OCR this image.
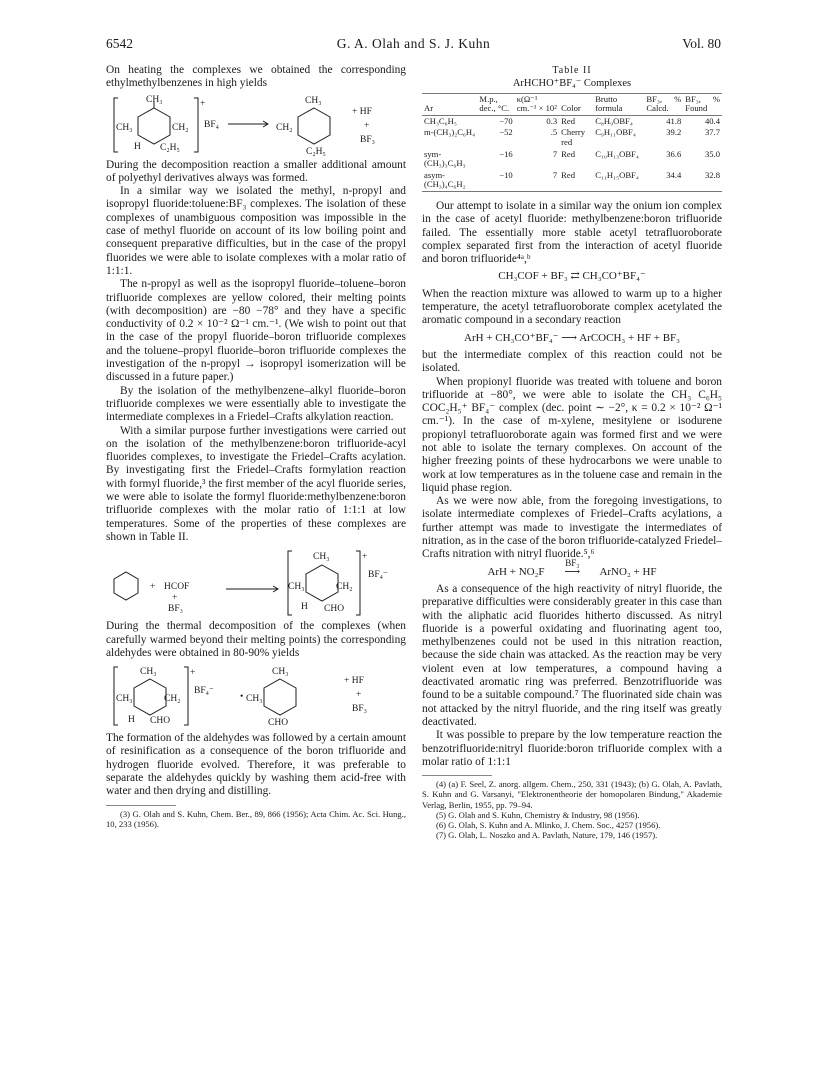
6542	G. A. Olah and S. J. Kuhn	Vol. 80

On heating the complexes we obtained the corresponding ethylmethylbenzenes in high yields

+
CH₃
CH₃	CH₂
H C₂H₅
BF₄
CH₃
CH₂
C₂H₅
+ HF
+
BF₃

During the decomposition reaction a smaller additional amount of polyethyl derivatives always was formed.

In a similar way we isolated the methyl, n-propyl and isopropyl fluoride:toluene:BF₃ complexes. The isolation of these complexes of unambiguous composition was impossible in the case of methyl fluoride on account of its low boiling point and consequent preparative difficulties, but in the case of the propyl fluorides we were able to isolate complexes with a molar ratio of 1:1:1.

The n-propyl as well as the isopropyl fluoride–toluene–boron trifluoride complexes are yellow colored, their melting points (with decomposition) are −80 −78° and they have a specific conductivity of 0.2 × 10⁻² Ω⁻¹ cm.⁻¹. (We wish to point out that in the case of the propyl fluoride–boron trifluoride complexes and the toluene–propyl fluoride–boron trifluoride complexes the investigation of the n-propyl → isopropyl isomerization will be discussed in a future paper.)

By the isolation of the methylbenzene–alkyl fluoride–boron trifluoride complexes we were essentially able to investigate the intermediate complexes in a Friedel–Crafts alkylation reaction.

With a similar purpose further investigations were carried out on the isolation of the methylbenzene:boron trifluoride-acyl fluorides complexes, to investigate the Friedel–Crafts acylation. By investigating first the Friedel–Crafts formylation reaction with formyl fluoride,³ the first member of the acyl fluoride series, we were able to isolate the formyl fluoride:methylbenzene:boron trifluoride complexes with the molar ratio of 1:1:1 at low temperatures. Some of the properties of these complexes are shown in Table II.

+ HCOF
+
BF₃
+
CH₃
CH₃	CH₂
H CHO
BF₄⁻

During the thermal decomposition of the complexes (when carefully warmed beyond their melting points) the corresponding aldehydes were obtained in 80-90% yields

+
CH₃
CH₃	CH₂
H CHO
BF₄⁻
•
CH₃
CH₃
CHO
+ HF
+
BF₃

The formation of the aldehydes was followed by a certain amount of resinification as a consequence of the boron trifluoride and hydrogen fluoride evolved. Therefore, it was preferable to separate the aldehydes quickly by washing them acid-free with water and then drying and distilling.

(3) G. Olah and S. Kuhn, Chem. Ber., 89, 866 (1956); Acta Chim. Ac. Sci. Hung., 10, 233 (1956).

Table II
ArHCHO⁺BF₄⁻ Complexes
Ar	M.p., dec., °C.	κ(Ω⁻¹ cm.⁻¹ × 10²	Color	Brutto formula	BF₃, % Calcd.	BF₃, % Found
CH₃C₆H₅	−70	0.3	Red	C₈H₉OBF₄	41.8	40.4
m-(CH₃)₂C₆H₄	−52	.5	Cherry red	C₉H₁₁OBF₄	39.2	37.7
sym-(CH₃)₃C₆H₃	−16	7	Red	C₁₀H₁₃OBF₄	36.6	35.0
asym-(CH₃)₄C₆H₂	−10	7	Red	C₁₁H₁₅OBF₄	34.4	32.8

Our attempt to isolate in a similar way the onium ion complex in the case of acetyl fluoride: methylbenzene:boron trifluoride failed. The essentially more stable acetyl tetrafluoroborate complex separated first from the interaction of acetyl fluoride and boron trifluoride⁴ᵃ,ᵇ

CH₃COF + BF₃ ⇄ CH₃CO⁺BF₄⁻

When the reaction mixture was allowed to warm up to a higher temperature, the acetyl tetrafluoroborate complex acetylated the aromatic compound in a secondary reaction

ArH + CH₃CO⁺BF₄⁻ ⟶ ArCOCH₃ + HF + BF₃

but the intermediate complex of this reaction could not be isolated.

When propionyl fluoride was treated with toluene and boron trifluoride at −80°, we were able to isolate the CH₃ C₆H₅ COC₂H₅⁺ BF₄⁻ complex (dec. point ∼ −2°, κ = 0.2 × 10⁻² Ω⁻¹ cm.⁻¹). In the case of m-xylene, mesitylene or isodurene propionyl tetrafluoroborate again was formed first and we were not able to isolate the ternary complexes. On account of the higher freezing points of these hydrocarbons we were unable to work at low temperatures as in the toluene case and remain in the liquid phase region.

As we were now able, from the foregoing investigations, to isolate intermediate complexes of Friedel–Crafts acylations, a further attempt was made to investigate the intermediates of nitration, as in the case of the boron trifluoride-catalyzed Friedel–Crafts nitration with nitryl fluoride.⁵,⁶

ArH + NO₂F
BF₃
⟶ ArNO₂ + HF

As a consequence of the high reactivity of nitryl fluoride, the preparative difficulties were considerably greater in this case than with the aliphatic acid fluorides hitherto discussed. As nitryl fluoride is a powerful oxidating and fluorinating agent too, methylbenzenes could not be used in this nitration reaction, because the side chain was attacked. As the reaction may be very violent even at low temperatures, a compound having a deactivated aromatic ring was preferred. Benzotrifluoride was found to be a suitable compound.⁷ The fluorinated side chain was not attacked by the nitryl fluoride, and the ring itself was greatly deactivated.

It was possible to prepare by the low temperature reaction the benzotrifluoride:nitryl fluoride:boron trifluoride complex with a molar ratio of 1:1:1

(4) (a) F. Seel, Z. anorg. allgem. Chem., 250, 331 (1943); (b) G. Olah, A. Pavlath, S. Kuhn and G. Varsanyi, "Elektronentheorie der homopolaren Bindung," Akademie Verlag, Berlin, 1955, pp. 79–94.

(5) G. Olah and S. Kuhn, Chemistry & Industry, 98 (1956).

(6) G. Olah, S. Kuhn and A. Mlinko, J. Chem. Soc., 4257 (1956).

(7) G. Olah, L. Noszko and A. Pavlath, Nature, 179, 146 (1957).
